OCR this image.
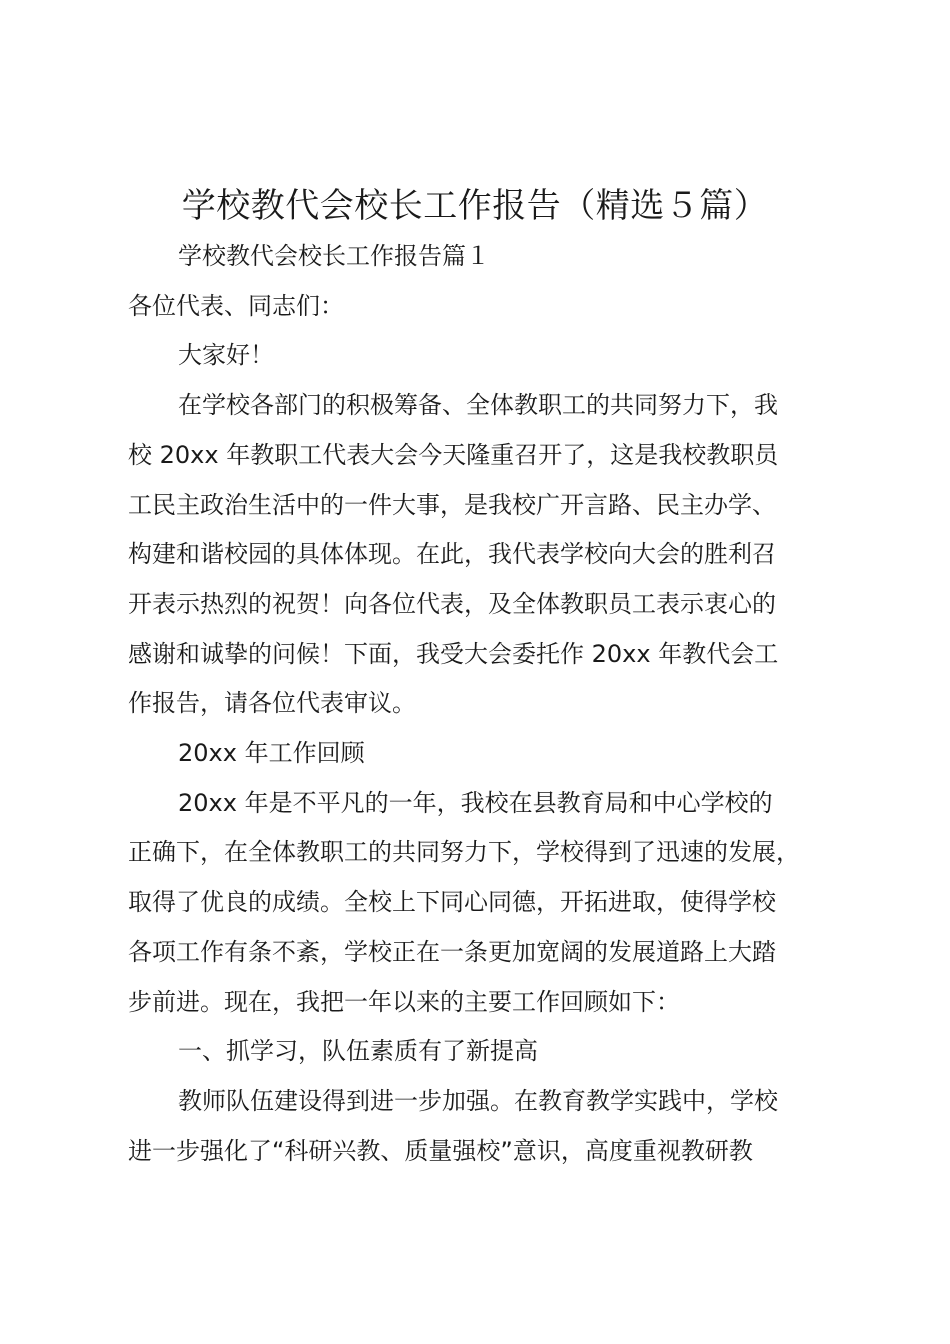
学校教代会校长工作报告（精选５篇）

学校教代会校长工作报告篇１

各位代表、同志们：

大家好！

在学校各部门的积极筹备、全体教职工的共同努力下，我
校 20xx 年教职工代表大会今天隆重召开了，这是我校教职员
工民主政治生活中的一件大事，是我校广开言路、民主办学、
构建和谐校园的具体体现。在此，我代表学校向大会的胜利召
开表示热烈的祝贺！向各位代表，及全体教职员工表示衷心的
感谢和诚挚的问候！下面，我受大会委托作 20xx 年教代会工
作报告，请各位代表审议。

20xx 年工作回顾

20xx 年是不平凡的一年，我校在县教育局和中心学校的
正确下，在全体教职工的共同努力下，学校得到了迅速的发展，
取得了优良的成绩。全校上下同心同德，开拓进取，使得学校
各项工作有条不紊，学校正在一条更加宽阔的发展道路上大踏
步前进。现在，我把一年以来的主要工作回顾如下：

一、抓学习，队伍素质有了新提高

教师队伍建设得到进一步加强。在教育教学实践中，学校
进一步强化了“科研兴教、质量强校”意识，高度重视教研教
